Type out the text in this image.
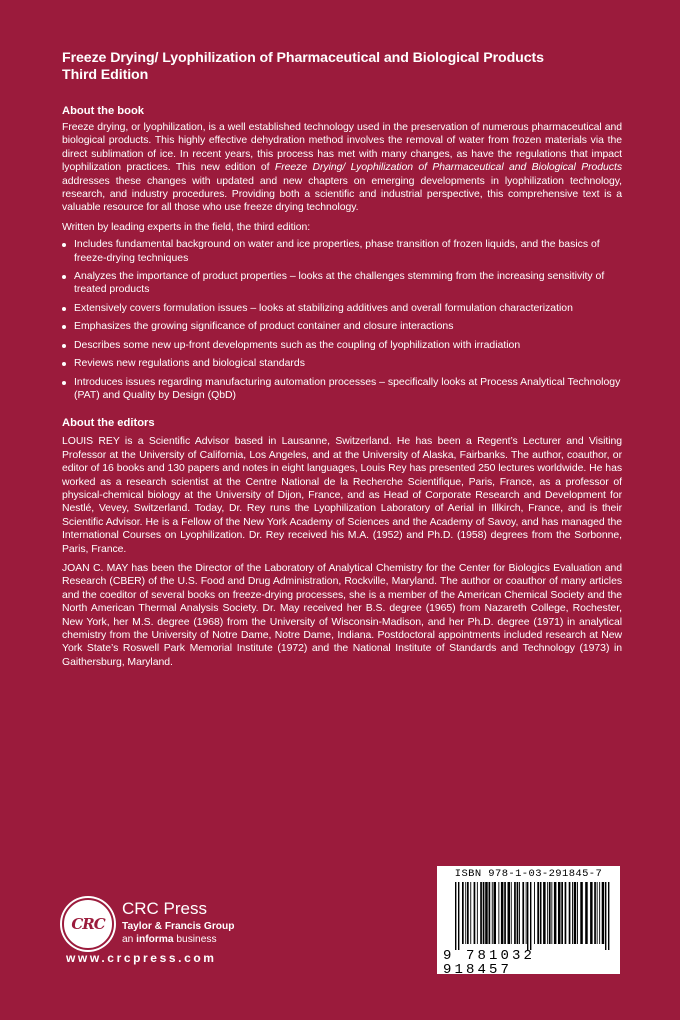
Freeze Drying/ Lyophilization of Pharmaceutical and Biological Products
Third Edition
About the book

Freeze drying, or lyophilization, is a well established technology used in the preservation of numerous pharmaceutical and biological products. This highly effective dehydration method involves the removal of water from frozen materials via the direct sublimation of ice. In recent years, this process has met with many changes, as have the regulations that impact lyophilization practices. This new edition of Freeze Drying/ Lyophilization of Pharmaceutical and Biological Products addresses these changes with updated and new chapters on emerging developments in lyophilization technology, research, and industry procedures. Providing both a scientific and industrial perspective, this comprehensive text is a valuable resource for all those who use freeze drying technology.

Written by leading experts in the field, the third edition:

Includes fundamental background on water and ice properties, phase transition of frozen liquids, and the basics of freeze-drying techniques
Analyzes the importance of product properties – looks at the challenges stemming from the increasing sensitivity of treated products
Extensively covers formulation issues – looks at stabilizing additives and overall formulation characterization
Emphasizes the growing significance of product container and closure interactions
Describes some new up-front developments such as the coupling of lyophilization with irradiation
Reviews new regulations and biological standards
Introduces issues regarding manufacturing automation processes – specifically looks at Process Analytical Technology (PAT) and Quality by Design (QbD)
About the editors

LOUIS REY is a Scientific Advisor based in Lausanne, Switzerland. He has been a Regent’s Lecturer and Visiting Professor at the University of California, Los Angeles, and at the University of Alaska, Fairbanks. The author, coauthor, or editor of 16 books and 130 papers and notes in eight languages, Louis Rey has presented 250 lectures worldwide. He has worked as a research scientist at the Centre National de la Recherche Scientifique, Paris, France, as a professor of physical-chemical biology at the University of Dijon, France, and as Head of Corporate Research and Development for Nestlé, Vevey, Switzerland. Today, Dr. Rey runs the Lyophilization Laboratory of Aerial in Illkirch, France, and is their Scientific Advisor. He is a Fellow of the New York Academy of Sciences and the Academy of Savoy, and has managed the International Courses on Lyophilization. Dr. Rey received his M.A. (1952) and Ph.D. (1958) degrees from the Sorbonne, Paris, France.

JOAN C. MAY has been the Director of the Laboratory of Analytical Chemistry for the Center for Biologics Evaluation and Research (CBER) of the U.S. Food and Drug Administration, Rockville, Maryland. The author or coauthor of many articles and the coeditor of several books on freeze-drying processes, she is a member of the American Chemical Society and the North American Thermal Analysis Society. Dr. May received her B.S. degree (1965) from Nazareth College, Rochester, New York, her M.S. degree (1968) from the University of Wisconsin-Madison, and her Ph.D. degree (1971) in analytical chemistry from the University of Notre Dame, Notre Dame, Indiana. Postdoctoral appointments included research at New York State’s Roswell Park Memorial Institute (1972) and the National Institute of Standards and Technology (1973) in Gaithersburg, Maryland.

CRC
CRC Press
Taylor & Francis Group
an informa business
www.crcpress.com
ISBN 978-1-03-291845-7
9 781032 918457
